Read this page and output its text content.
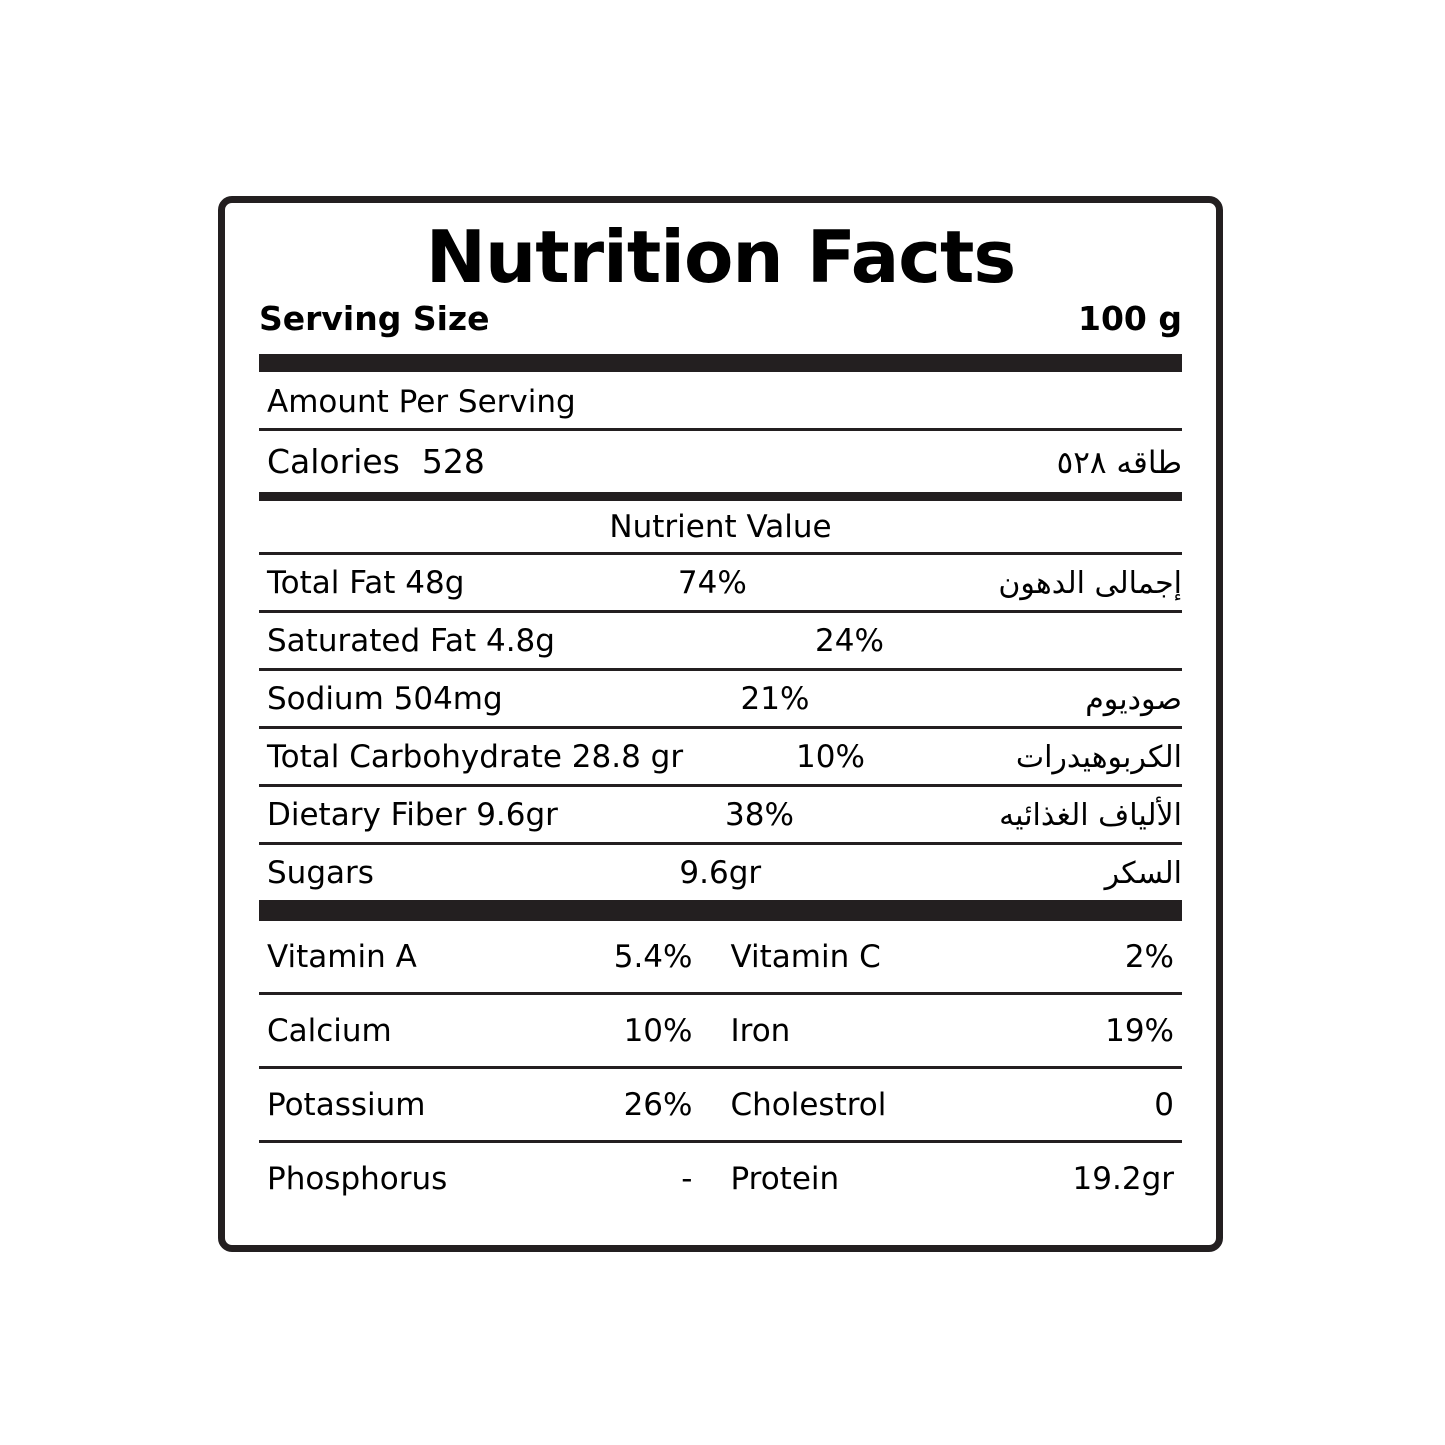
Nutrition Facts
Serving Size	100 g
Amount Per Serving
Calories 528	طاقه ٥٢٨
Nutrient Value
Total Fat 48g	74%	إجمالى الدهون
Saturated Fat 4.8g	24%
Sodium 504mg	21%	صوديوم
Total Carbohydrate 28.8 gr	10%	الكربوهيدرات
Dietary Fiber 9.6gr	38%	الألياف الغذائيه
Sugars	9.6gr	السكر
Vitamin A	5.4%	Vitamin C	2%
Calcium	10%	Iron	19%
Potassium	26%	Cholestrol	0
Phosphorus	-	Protein	19.2gr
